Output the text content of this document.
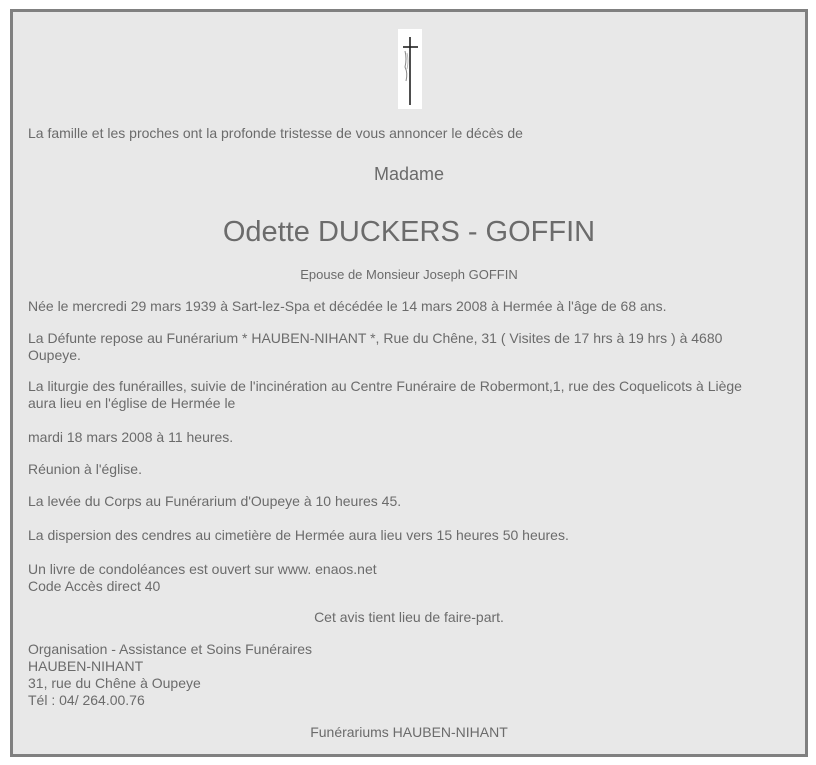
La famille et les proches ont la profonde tristesse de vous annoncer le décès de
Madame
Odette DUCKERS - GOFFIN
Epouse de Monsieur Joseph GOFFIN
Née le mercredi 29 mars 1939 à Sart-lez-Spa et décédée le 14 mars 2008 à Hermée à l'âge de 68 ans.
La Défunte repose au Funérarium * HAUBEN-NIHANT *, Rue du Chêne, 31 ( Visites de 17 hrs à 19 hrs ) à 4680
Oupeye.
La liturgie des funérailles, suivie de l'incinération au Centre Funéraire de Robermont,1, rue des Coquelicots à Liège
aura lieu en l'église de Hermée le
mardi 18 mars 2008 à 11 heures.
Réunion à l'église.
La levée du Corps au Funérarium d'Oupeye à 10 heures 45.
La dispersion des cendres au cimetière de Hermée aura lieu vers 15 heures 50 heures.
Un livre de condoléances est ouvert sur www. enaos.net
Code Accès direct 40
Cet avis tient lieu de faire-part.
Organisation - Assistance et Soins Funéraires
HAUBEN-NIHANT
31, rue du Chêne à Oupeye
Tél : 04/ 264.00.76
Funérariums HAUBEN-NIHANT
